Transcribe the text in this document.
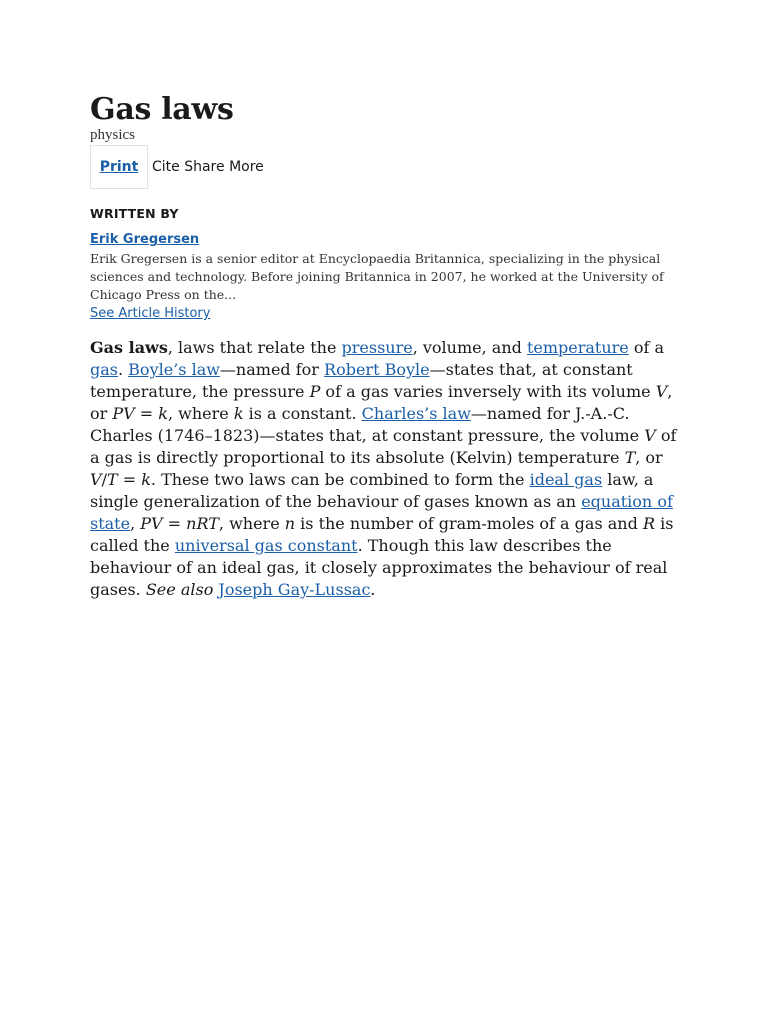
Gas laws
physics
Print Cite Share More
WRITTEN BY
Erik Gregersen
Erik Gregersen is a senior editor at Encyclopaedia Britannica, specializing in the physical sciences and technology. Before joining Britannica in 2007, he worked at the University of Chicago Press on the...
See Article History

Gas laws, laws that relate the pressure, volume, and temperature of a gas. Boyle’s law—named for Robert Boyle—states that, at constant temperature, the pressure P of a gas varies inversely with its volume V, or PV = k, where k is a constant. Charles’s law—named for J.-A.-C. Charles (1746–1823)—states that, at constant pressure, the volume V of a gas is directly proportional to its absolute (Kelvin) temperature T, or V/T = k. These two laws can be combined to form the ideal gas law, a single generalization of the behaviour of gases known as an equation of state, PV = nRT, where n is the number of gram-moles of a gas and R is called the universal gas constant. Though this law describes the behaviour of an ideal gas, it closely approximates the behaviour of real gases. See also Joseph Gay-Lussac.
